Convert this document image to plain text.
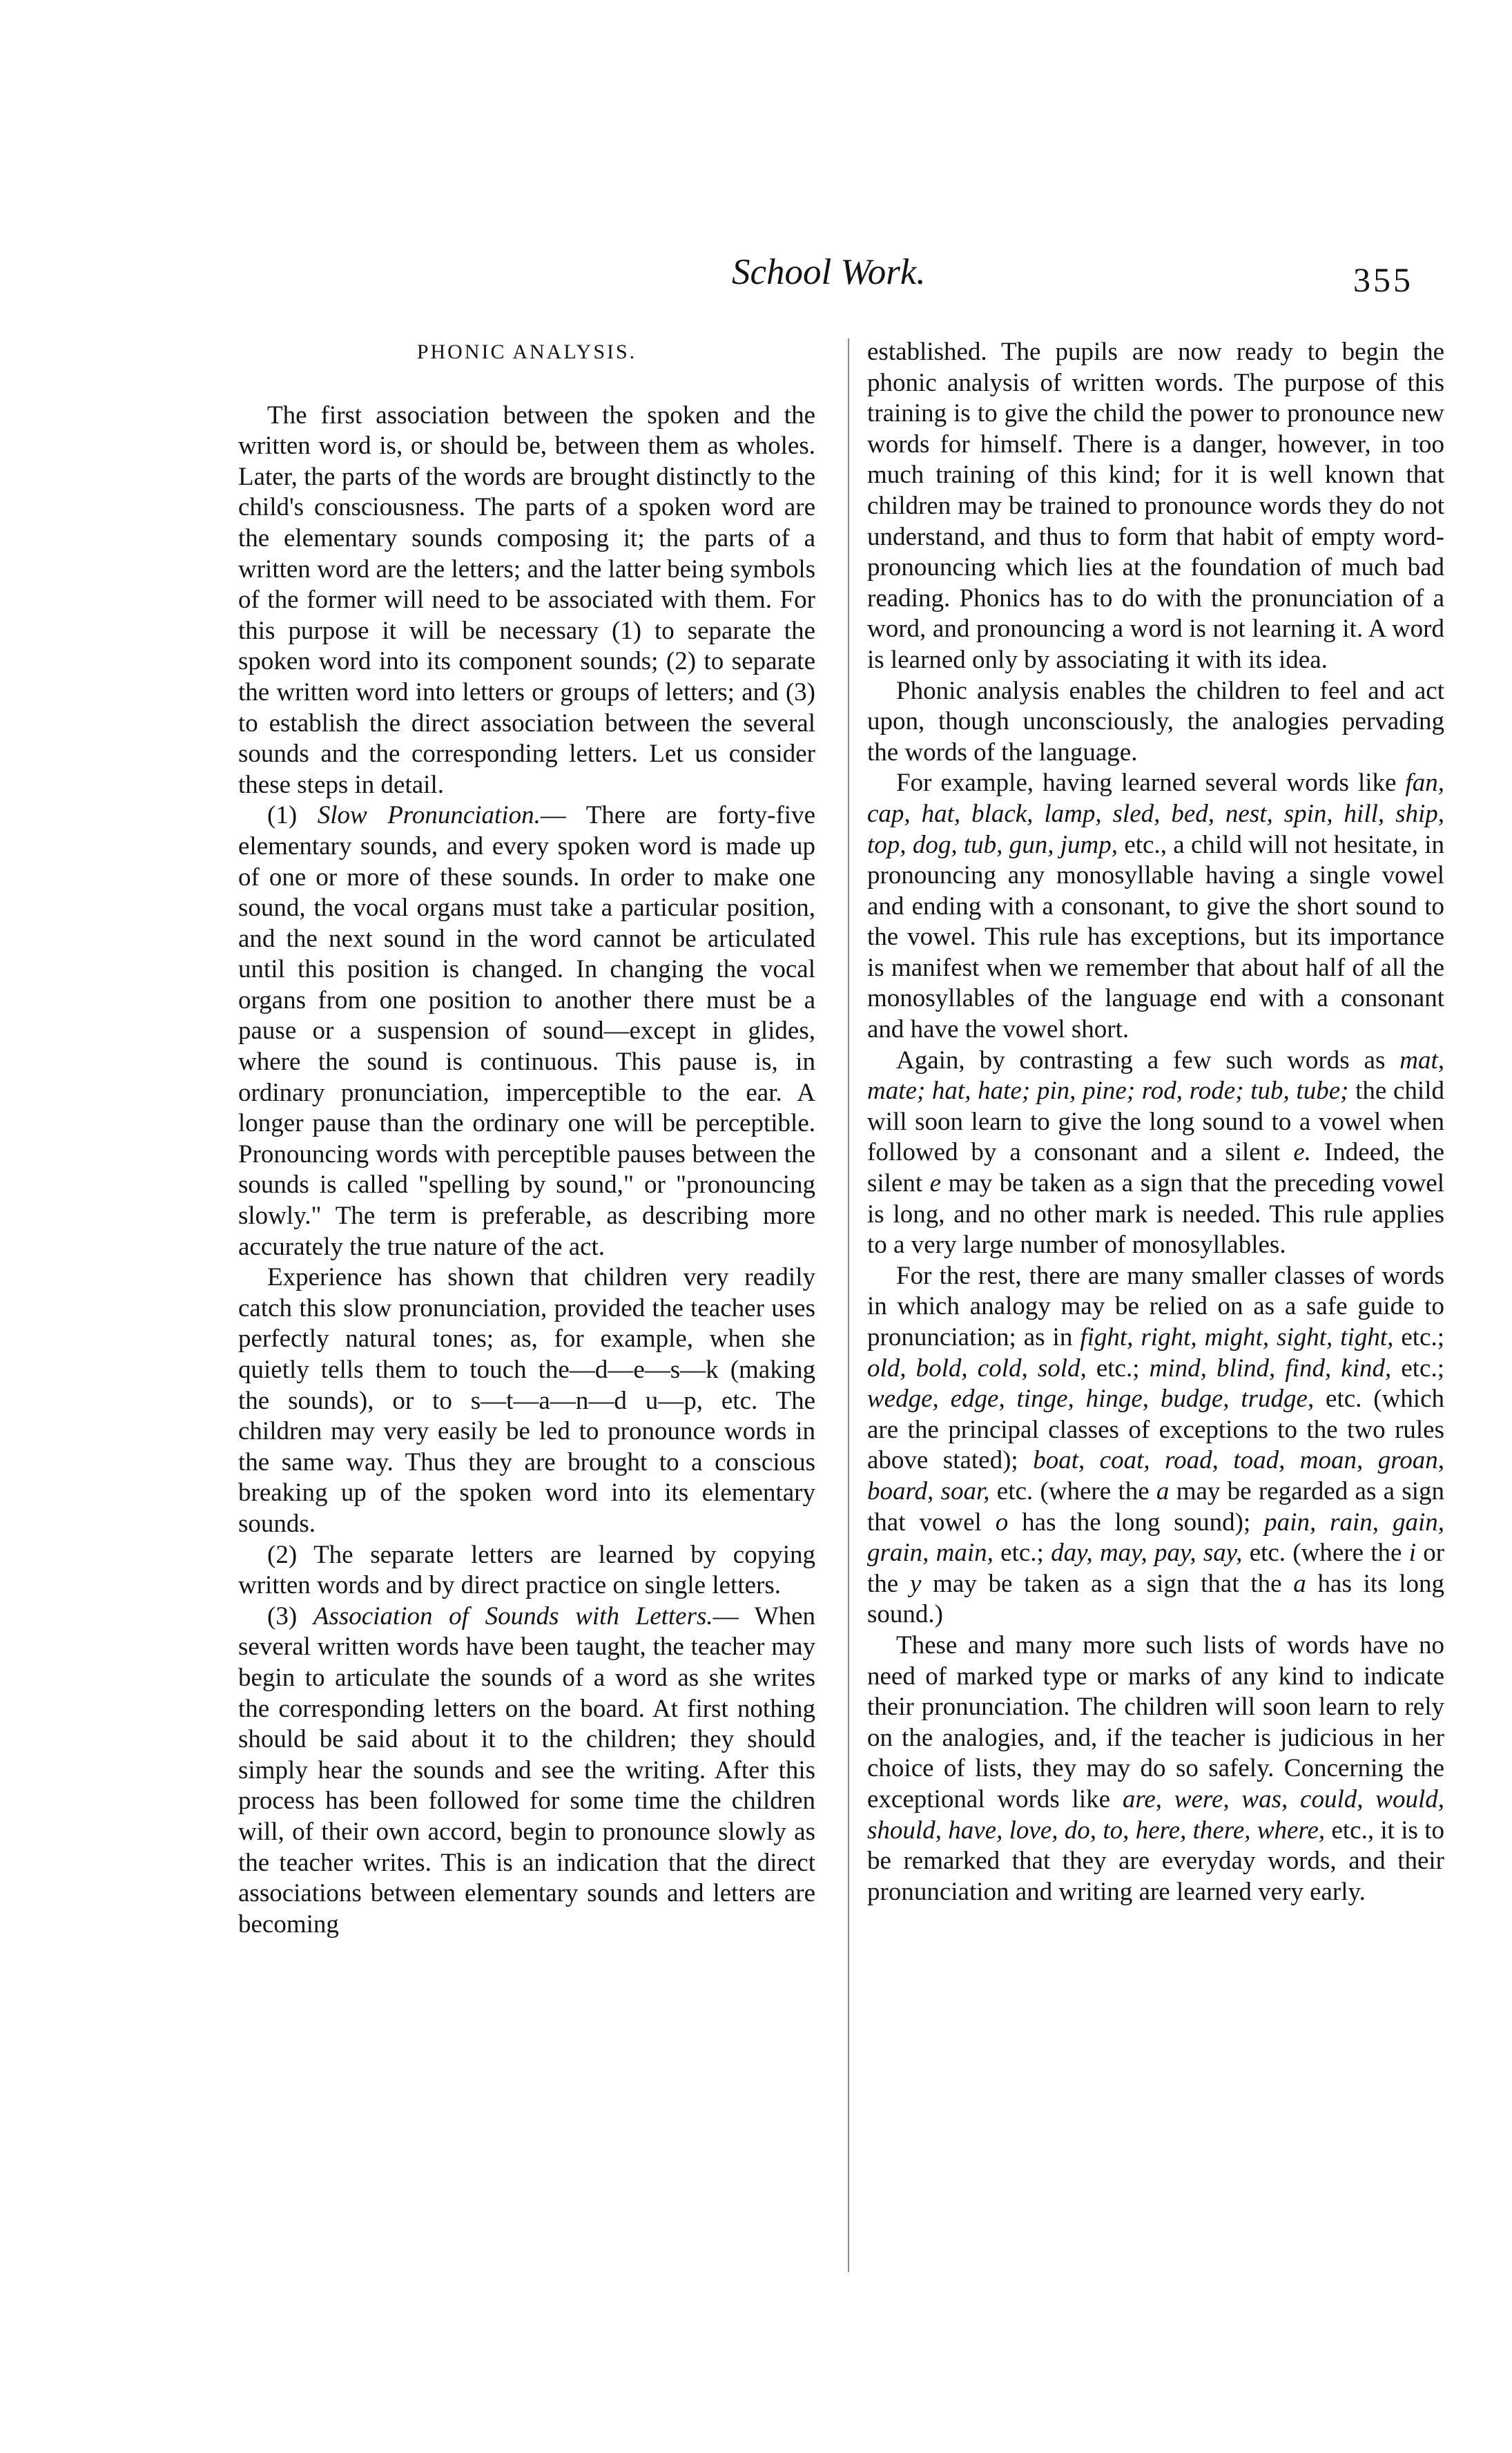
School Work.	355
PHONIC ANALYSIS.

The first association between the spoken and the written word is, or should be, between them as wholes. Later, the parts of the words are brought distinctly to the child's consciousness. The parts of a spoken word are the elementary sounds composing it; the parts of a written word are the letters; and the latter being symbols of the former will need to be associated with them. For this purpose it will be necessary (1) to separate the spoken word into its component sounds; (2) to separate the written word into letters or groups of letters; and (3) to establish the direct association between the several sounds and the corresponding letters. Let us consider these steps in detail.

(1) Slow Pronunciation.— There are forty-five elementary sounds, and every spoken word is made up of one or more of these sounds. In order to make one sound, the vocal organs must take a particular position, and the next sound in the word cannot be articulated until this position is changed. In changing the vocal organs from one position to another there must be a pause or a suspension of sound—except in glides, where the sound is continuous. This pause is, in ordinary pronunciation, imperceptible to the ear. A longer pause than the ordinary one will be perceptible. Pronouncing words with perceptible pauses between the sounds is called "spelling by sound," or "pronouncing slowly." The term is preferable, as describing more accurately the true nature of the act.

Experience has shown that children very readily catch this slow pronunciation, provided the teacher uses perfectly natural tones; as, for example, when she quietly tells them to touch the—d—e—s—k (making the sounds), or to s—t—a—n—d u—p, etc. The children may very easily be led to pronounce words in the same way. Thus they are brought to a conscious breaking up of the spoken word into its elementary sounds.

(2) The separate letters are learned by copying written words and by direct practice on single letters.

(3) Association of Sounds with Letters.— When several written words have been taught, the teacher may begin to articulate the sounds of a word as she writes the corresponding letters on the board. At first nothing should be said about it to the children; they should simply hear the sounds and see the writing. After this process has been followed for some time the children will, of their own accord, begin to pronounce slowly as the teacher writes. This is an indication that the direct associations between elementary sounds and letters are becoming

established. The pupils are now ready to begin the phonic analysis of written words. The purpose of this training is to give the child the power to pronounce new words for himself. There is a danger, however, in too much training of this kind; for it is well known that children may be trained to pronounce words they do not understand, and thus to form that habit of empty word-pronouncing which lies at the foundation of much bad reading. Phonics has to do with the pronunciation of a word, and pronouncing a word is not learning it. A word is learned only by associating it with its idea.

Phonic analysis enables the children to feel and act upon, though unconsciously, the analogies pervading the words of the language.

For example, having learned several words like fan, cap, hat, black, lamp, sled, bed, nest, spin, hill, ship, top, dog, tub, gun, jump, etc., a child will not hesitate, in pronouncing any monosyllable having a single vowel and ending with a consonant, to give the short sound to the vowel. This rule has exceptions, but its importance is manifest when we remember that about half of all the monosyllables of the language end with a consonant and have the vowel short.

Again, by contrasting a few such words as mat, mate; hat, hate; pin, pine; rod, rode; tub, tube; the child will soon learn to give the long sound to a vowel when followed by a consonant and a silent e. Indeed, the silent e may be taken as a sign that the preceding vowel is long, and no other mark is needed. This rule applies to a very large number of monosyllables.

For the rest, there are many smaller classes of words in which analogy may be relied on as a safe guide to pronunciation; as in fight, right, might, sight, tight, etc.; old, bold, cold, sold, etc.; mind, blind, find, kind, etc.; wedge, edge, tinge, hinge, budge, trudge, etc. (which are the principal classes of exceptions to the two rules above stated); boat, coat, road, toad, moan, groan, board, soar, etc. (where the a may be regarded as a sign that vowel o has the long sound); pain, rain, gain, grain, main, etc.; day, may, pay, say, etc. (where the i or the y may be taken as a sign that the a has its long sound.)

These and many more such lists of words have no need of marked type or marks of any kind to indicate their pronunciation. The children will soon learn to rely on the analogies, and, if the teacher is judicious in her choice of lists, they may do so safely. Concerning the exceptional words like are, were, was, could, would, should, have, love, do, to, here, there, where, etc., it is to be remarked that they are everyday words, and their pronunciation and writing are learned very early.
